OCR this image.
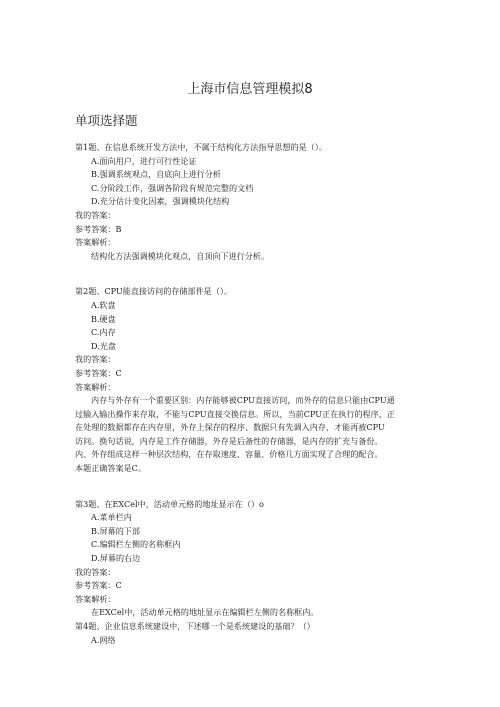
上海市信息管理模拟8
单项选择题
第1题、在信息系统开发方法中，不属于结构化方法指导思想的是（）。
A.面向用户，进行可行性论证
B.强调系统观点，自底向上进行分析
C.分阶段工作，强调各阶段有规范完整的文档
D.充分估计变化因素，强调模块化结构
我的答案：
参考答案：B
答案解析：
结构化方法强调模块化观点，自顶向下进行分析。
第2题、CPU能直接访问的存储部件是（）。
A.软盘
B.硬盘
C.内存
D.光盘
我的答案：
参考答案：C
答案解析：
内存与外存有一个重要区别：内存能够被CPU直接访问，而外存的信息只能由CPU通
过输入输出操作来存取，不能与CPU直接交换信息。所以，当前CPU正在执行的程序、正
在处理的数据都存在内存里，外存上保存的程序、数据只有先调入内存，才能再被CPU
访问。换句话说，内存是工作存储器，外存是后备性的存储器，是内存的扩充与备份。
内、外存组成这样一种层次结构，在存取速度、容量、价格几方面实现了合理的配合。
本题正确答案是C。
第3题、在EXCel中，活动单元格的地址显示在（）o
A.菜单栏内
B.屏幕的下部
C.编辑栏左侧的名称框内
D.屏幕的右边
我的答案：
参考答案：C
答案解析：
在EXCel中，活动单元格的地址显示在编辑栏左侧的名称框内。
第4题、企业信息系统建设中，下述哪一个是系统建设的基础？（）
A.网络
